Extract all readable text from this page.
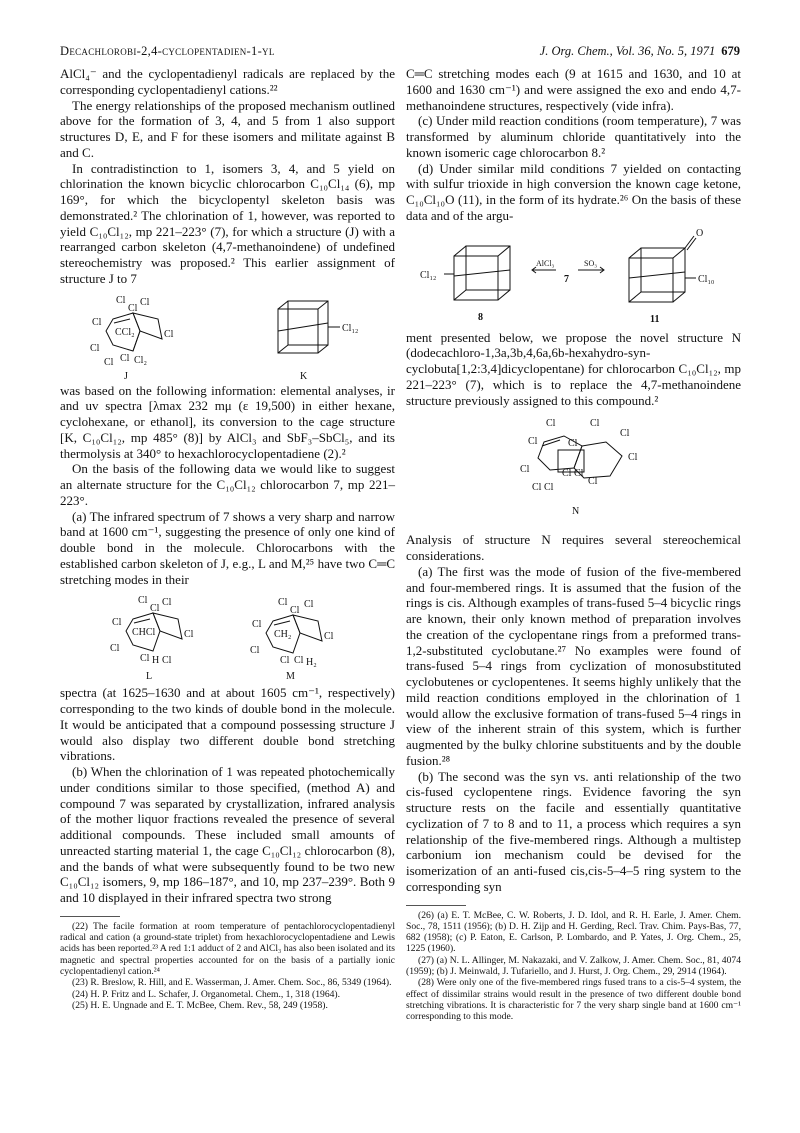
Decachlorobi-2,4-cyclopentadien-1-yl	J. Org. Chem., Vol. 36, No. 5, 1971 679

AlCl₄⁻ and the cyclopentadienyl radicals are replaced by the corresponding cyclopentadienyl cations.²²

The energy relationships of the proposed mechanism outlined above for the formation of 3, 4, and 5 from 1 also support structures D, E, and F for these isomers and militate against B and C.

In contradistinction to 1, isomers 3, 4, and 5 yield on chlorination the known bicyclic chlorocarbon C₁₀Cl₁₄ (6), mp 169°, for which the bicyclopentyl skeleton basis was demonstrated.² The chlorination of 1, however, was reported to yield C₁₀Cl₁₂, mp 221–223° (7), for which a structure (J) with a rearranged carbon skeleton (4,7-methanoindene) of undefined stereochemistry was proposed.² This earlier assignment of structure J to 7

Cl
Cl
Cl
Cl
CCl₂	Cl
Cl
Cl Cl₂
Cl
J
Cl₁₂
K

was based on the following information: elemental analyses, ir and uv spectra [λmax 232 mμ (ε 19,500) in either hexane, cyclohexane, or ethanol], its conversion to the cage structure [K, C₁₀Cl₁₂, mp 485° (8)] by AlCl₃ and SbF₃–SbCl₅, and its thermolysis at 340° to hexachlorocyclopentadiene (2).²

On the basis of the following data we would like to suggest an alternate structure for the C₁₀Cl₁₂ chlorocarbon 7, mp 221–223°.

(a) The infrared spectrum of 7 shows a very sharp and narrow band at 1600 cm⁻¹, suggesting the presence of only one kind of double bond in the molecule. Chlorocarbons with the established carbon skeleton of J, e.g., L and M,²⁵ have two C═C stretching modes in their

Cl
Cl
Cl
Cl
CHCl	Cl
Cl
Cl H Cl
L
Cl
Cl
Cl
Cl
CH₂	Cl
Cl
Cl Cl H₂
M

spectra (at 1625–1630 and at about 1605 cm⁻¹, respectively) corresponding to the two kinds of double bond in the molecule. It would be anticipated that a compound possessing structure J would also display two different double bond stretching vibrations.

(b) When the chlorination of 1 was repeated photochemically under conditions similar to those specified, (method A) and compound 7 was separated by crystallization, infrared analysis of the mother liquor fractions revealed the presence of several additional compounds. These included small amounts of unreacted starting material 1, the cage C₁₀Cl₁₂ chlorocarbon (8), and the bands of what were subsequently found to be two new C₁₀Cl₁₂ isomers, 9, mp 186–187°, and 10, mp 237–239°. Both 9 and 10 displayed in their infrared spectra two strong

(22) The facile formation at room temperature of pentachlorocyclopentadienyl radical and cation (a ground-state triplet) from hexachlorocyclopentadiene and Lewis acids has been reported.²³ A red 1:1 adduct of 2 and AlCl₃ has also been isolated and its magnetic and spectral properties accounted for on the basis of a partially ionic cyclopentadienyl cation.²⁴

(23) R. Breslow, R. Hill, and E. Wasserman, J. Amer. Chem. Soc., 86, 5349 (1964).

(24) H. P. Fritz and L. Schafer, J. Organometal. Chem., 1, 318 (1964).

(25) H. E. Ungnade and E. T. McBee, Chem. Rev., 58, 249 (1958).

C═C stretching modes each (9 at 1615 and 1630, and 10 at 1600 and 1630 cm⁻¹) and were assigned the exo and endo 4,7-methanoindene structures, respectively (vide infra).

(c) Under mild reaction conditions (room temperature), 7 was transformed by aluminum chloride quantitatively into the known isomeric cage chlorocarbon 8.²

(d) Under similar mild conditions 7 yielded on contacting with sulfur trioxide in high conversion the known cage ketone, C₁₀Cl₁₀O (11), in the form of its hydrate.²⁶ On the basis of these data and of the argu-

Cl₁₂
8
AlCl₃
7
SO₃
O
Cl₁₀
11

ment presented below, we propose the novel structure N (dodecachloro-1,3a,3b,4,6a,6b-hexahydro-syn-cyclobuta[1,2:3,4]dicyclopentane) for chlorocarbon C₁₀Cl₁₂, mp 221–223° (7), which is to replace the 4,7-methanoindene structure previously assigned to this compound.²

Cl	Cl
Cl
Cl	Cl
Cl
Cl	Cl Cl
Cl
Cl Cl
N

Analysis of structure N requires several stereochemical considerations.

(a) The first was the mode of fusion of the five-membered and four-membered rings. It is assumed that the fusion of the rings is cis. Although examples of trans-fused 5–4 bicyclic rings are known, their only known method of preparation involves the creation of the cyclopentane rings from a preformed trans-1,2-substituted cyclobutane.²⁷ No examples were found of trans-fused 5–4 rings from cyclization of monosubstituted cyclobutenes or cyclopentenes. It seems highly unlikely that the mild reaction conditions employed in the chlorination of 1 would allow the exclusive formation of trans-fused 5–4 rings in view of the inherent strain of this system, which is further augmented by the bulky chlorine substituents and by the double fusion.²⁸

(b) The second was the syn vs. anti relationship of the two cis-fused cyclopentene rings. Evidence favoring the syn structure rests on the facile and essentially quantitative cyclization of 7 to 8 and to 11, a process which requires a syn relationship of the five-membered rings. Although a multistep carbonium ion mechanism could be devised for the isomerization of an anti-fused cis,cis-5–4–5 ring system to the corresponding syn

(26) (a) E. T. McBee, C. W. Roberts, J. D. Idol, and R. H. Earle, J. Amer. Chem. Soc., 78, 1511 (1956); (b) D. H. Zijp and H. Gerding, Recl. Trav. Chim. Pays-Bas, 77, 682 (1958); (c) P. Eaton, E. Carlson, P. Lombardo, and P. Yates, J. Org. Chem., 25, 1225 (1960).

(27) (a) N. L. Allinger, M. Nakazaki, and V. Zalkow, J. Amer. Chem. Soc., 81, 4074 (1959); (b) J. Meinwald, J. Tufariello, and J. Hurst, J. Org. Chem., 29, 2914 (1964).

(28) Were only one of the five-membered rings fused trans to a cis-5–4 system, the effect of dissimilar strains would result in the presence of two different double bond stretching vibrations. It is characteristic for 7 the very sharp single band at 1600 cm⁻¹ corresponding to this mode.
